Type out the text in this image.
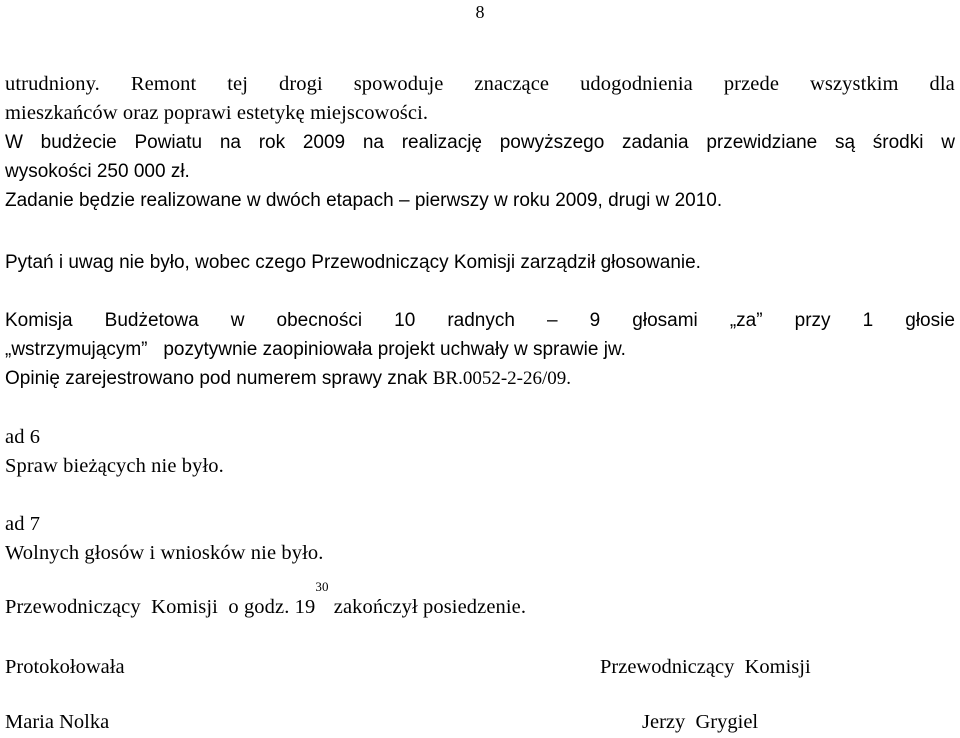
8
utrudniony. Remont tej drogi spowoduje znaczące udogodnienia przede wszystkim dla
mieszkańców oraz poprawi estetykę miejscowości.
W budżecie Powiatu na rok 2009 na realizację powyższego zadania przewidziane są środki w
wysokości 250 000 zł.
Zadanie będzie realizowane w dwóch etapach – pierwszy w roku 2009, drugi w 2010.
Pytań i uwag nie było, wobec czego Przewodniczący Komisji zarządził głosowanie.
Komisja Budżetowa w obecności 10 radnych – 9 głosami „za” przy 1 głosie
„wstrzymującym” pozytywnie zaopiniowała projekt uchwały w sprawie jw.
Opinię zarejestrowano pod numerem sprawy znak BR.0052-2-26/09.
ad 6
Spraw bieżących nie było.
ad 7
Wolnych głosów i wniosków nie było.
Przewodniczący  Komisji  o godz. $19^{30}$ zakończył posiedzenie.
Protokołowała	Przewodniczący  Komisji
Maria Nolka	Jerzy  Grygiel
